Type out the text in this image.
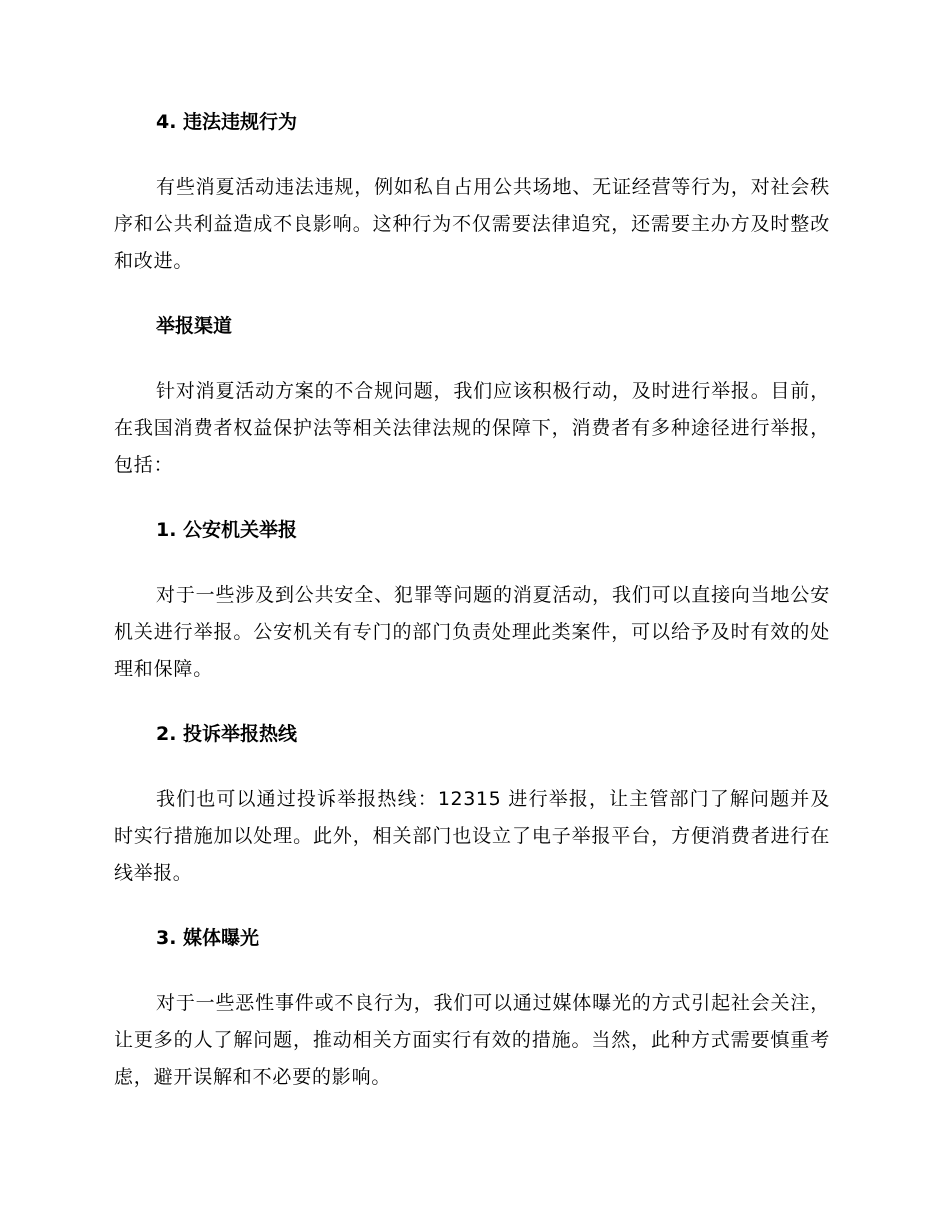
4. 违法违规行为

有些消夏活动违法违规，例如私自占用公共场地、无证经营等行为，对社会秩序和公共利益造成不良影响。这种行为不仅需要法律追究，还需要主办方及时整改和改进。

举报渠道

针对消夏活动方案的不合规问题，我们应该积极行动，及时进行举报。目前，在我国消费者权益保护法等相关法律法规的保障下，消费者有多种途径进行举报，包括：

1. 公安机关举报

对于一些涉及到公共安全、犯罪等问题的消夏活动，我们可以直接向当地公安机关进行举报。公安机关有专门的部门负责处理此类案件，可以给予及时有效的处理和保障。

2. 投诉举报热线

我们也可以通过投诉举报热线：12315 进行举报，让主管部门了解问题并及时实行措施加以处理。此外，相关部门也设立了电子举报平台，方便消费者进行在线举报。

3. 媒体曝光

对于一些恶性事件或不良行为，我们可以通过媒体曝光的方式引起社会关注，让更多的人了解问题，推动相关方面实行有效的措施。当然，此种方式需要慎重考虑，避开误解和不必要的影响。
